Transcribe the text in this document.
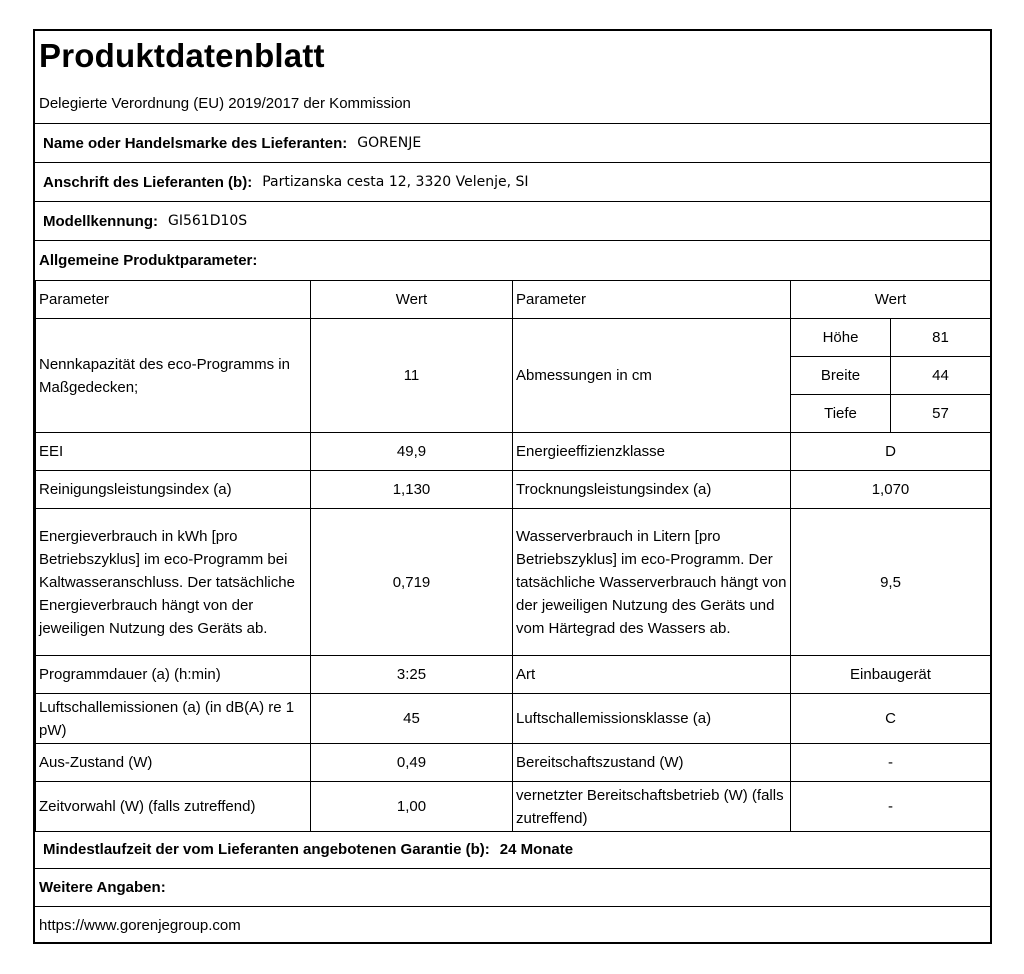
Produktdatenblatt
Delegierte Verordnung (EU) 2019/2017 der Kommission
Name oder Handelsmarke des Lieferanten: GORENJE
Anschrift des Lieferanten (b): Partizanska cesta 12, 3320 Velenje, SI
Modellkennung: GI561D10S
Allgemeine Produktparameter:
Parameter	Wert	Parameter	Wert	
Nennkapazität des eco-Programms in Maßgedecken;	11	Abmessungen in cm	Höhe	81
			Breite	44
			Tiefe	57
EEI	49,9	Energieeffizienzklasse	D	
Reinigungsleistungsindex (a)	1,130	Trocknungsleistungsindex (a)	1,070	
Energieverbrauch in kWh [pro Betriebszyklus] im eco-Programm bei Kaltwasseranschluss. Der tatsächliche Energieverbrauch hängt von der jeweiligen Nutzung des Geräts ab.	0,719	Wasserverbrauch in Litern [pro Betriebszyklus] im eco-Programm. Der tatsächliche Wasserverbrauch hängt von der jeweiligen Nutzung des Geräts und vom Härtegrad des Wassers ab.	9,5	
Programmdauer (a) (h:min)	3:25	Art	Einbaugerät	
Luftschallemissionen (a) (in dB(A) re 1 pW)	45	Luftschallemissionsklasse (a)	C	
Aus-Zustand (W)	0,49	Bereitschaftszustand (W)	-	
Zeitvorwahl (W) (falls zutreffend)	1,00	vernetzter Bereitschaftsbetrieb (W) (falls zutreffend)	-	
Mindestlaufzeit der vom Lieferanten angebotenen Garantie (b): 24 Monate
Weitere Angaben:
https://www.gorenjegroup.com
